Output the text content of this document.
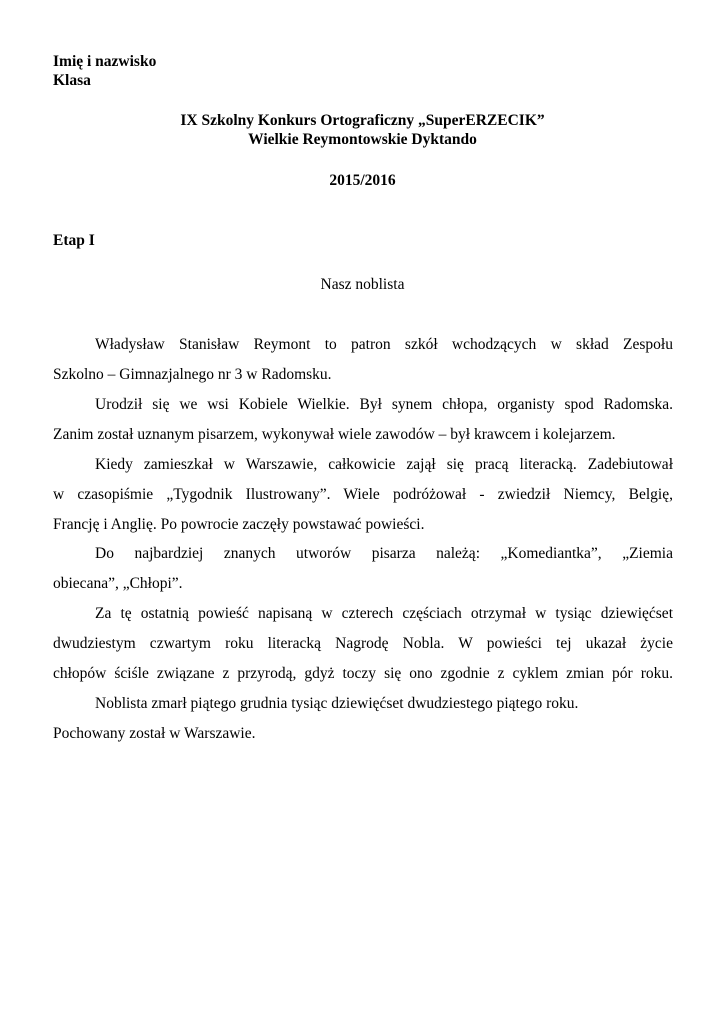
Imię i nazwisko
Klasa
IX Szkolny Konkurs Ortograficzny „SuperERZECIK”
Wielkie Reymontowskie Dyktando
2015/2016
Etap I
Nasz noblista
Władysław Stanisław Reymont to patron szkół wchodzących w skład Zespołu
Szkolno – Gimnazjalnego nr 3 w Radomsku.
Urodził się we wsi Kobiele Wielkie. Był synem chłopa, organisty spod Radomska.
Zanim został uznanym pisarzem, wykonywał wiele zawodów – był krawcem i kolejarzem.
Kiedy zamieszkał w Warszawie, całkowicie zajął się pracą literacką. Zadebiutował
w czasopiśmie „Tygodnik Ilustrowany”. Wiele podróżował - zwiedził Niemcy, Belgię,
Francję i Anglię. Po powrocie zaczęły powstawać powieści.
Do najbardziej znanych utworów pisarza należą: „Komediantka”, „Ziemia
obiecana”, „Chłopi”.
Za tę ostatnią powieść napisaną w czterech częściach otrzymał w tysiąc dziewięćset
dwudziestym czwartym roku literacką Nagrodę Nobla. W powieści tej ukazał życie
chłopów ściśle związane z przyrodą, gdyż toczy się ono zgodnie z cyklem zmian pór roku.
Noblista zmarł piątego grudnia tysiąc dziewięćset dwudziestego piątego roku.
Pochowany został w Warszawie.
